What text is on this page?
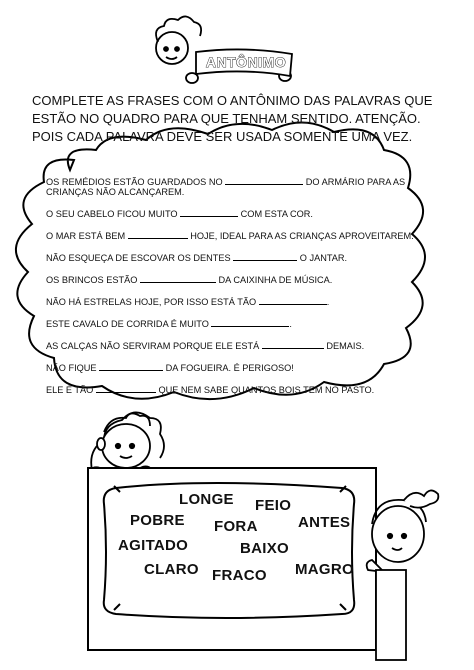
ANTÔNIMO
COMPLETE AS FRASES COM O ANTÔNIMO DAS PALAVRAS QUE
ESTÃO NO QUADRO PARA QUE TENHAM SENTIDO. ATENÇÃO.
POIS CADA PALAVRA DEVE SER USADA SOMENTE UMA VEZ.
OS REMÉDIOS ESTÃO GUARDADOS NO	DO ARMÁRIO PARA AS
CRIANÇAS NÃO ALCANÇAREM.
O SEU CABELO FICOU MUITO	COM ESTA COR.
O MAR ESTÁ BEM	HOJE, IDEAL PARA AS CRIANÇAS APROVEITAREM.
NÃO ESQUEÇA DE ESCOVAR OS DENTES	O JANTAR.
OS BRINCOS ESTÃO	DA CAIXINHA DE MÚSICA.
NÃO HÁ ESTRELAS HOJE, POR ISSO ESTÁ TÃO	.
ESTE CAVALO DE CORRIDA É MUITO	.
AS CALÇAS NÃO SERVIRAM PORQUE ELE ESTÁ	DEMAIS.
NÃO FIQUE	DA FOGUEIRA. É PERIGOSO!
ELE É TÃO	QUE NEM SABE QUANTOS BOIS TEM NO PASTO.
LONGE FEIO
POBRE FORA	ANTES
AGITADO	BAIXO
CLARO FRACO MAGRO
